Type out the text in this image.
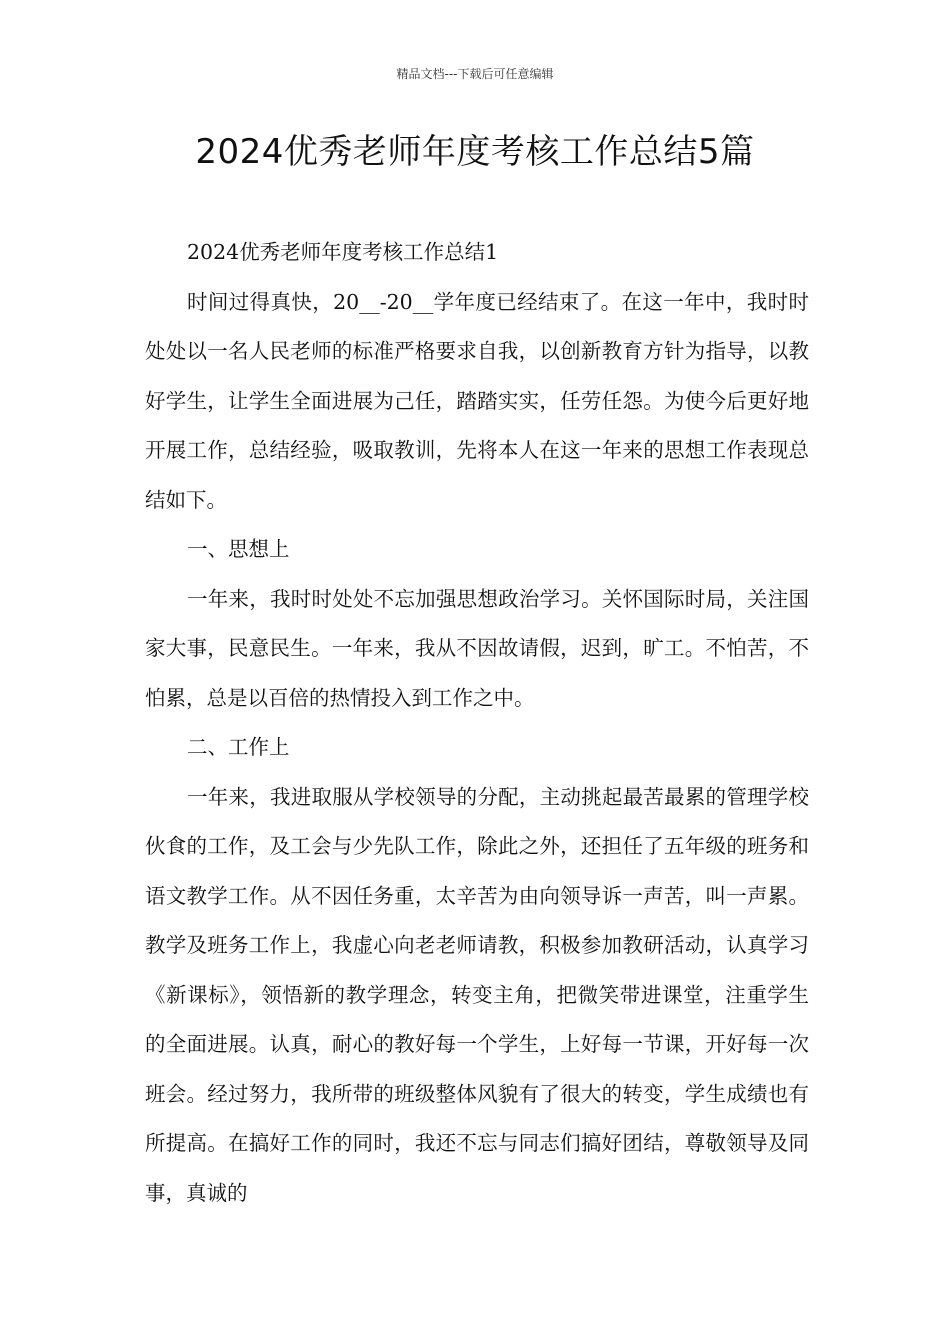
精品文档---下载后可任意编辑
2024优秀老师年度考核工作总结5篇

2024优秀老师年度考核工作总结1

时间过得真快，20__-20__学年度已经结束了。在这一年中，我时时处处以一名人民老师的标准严格要求自我，以创新教育方针为指导，以教好学生，让学生全面进展为己任，踏踏实实，任劳任怨。为使今后更好地开展工作，总结经验，吸取教训，先将本人在这一年来的思想工作表现总结如下。

一、思想上

一年来，我时时处处不忘加强思想政治学习。关怀国际时局，关注国家大事，民意民生。一年来，我从不因故请假，迟到，旷工。不怕苦，不怕累，总是以百倍的热情投入到工作之中。

二、工作上

一年来，我进取服从学校领导的分配，主动挑起最苦最累的管理学校伙食的工作，及工会与少先队工作，除此之外，还担任了五年级的班务和语文教学工作。从不因任务重，太辛苦为由向领导诉一声苦，叫一声累。教学及班务工作上，我虚心向老老师请教，积极参加教研活动，认真学习《新课标》，领悟新的教学理念，转变主角，把微笑带进课堂，注重学生的全面进展。认真，耐心的教好每一个学生，上好每一节课，开好每一次班会。经过努力，我所带的班级整体风貌有了很大的转变，学生成绩也有所提高。在搞好工作的同时，我还不忘与同志们搞好团结，尊敬领导及同事，真诚的
